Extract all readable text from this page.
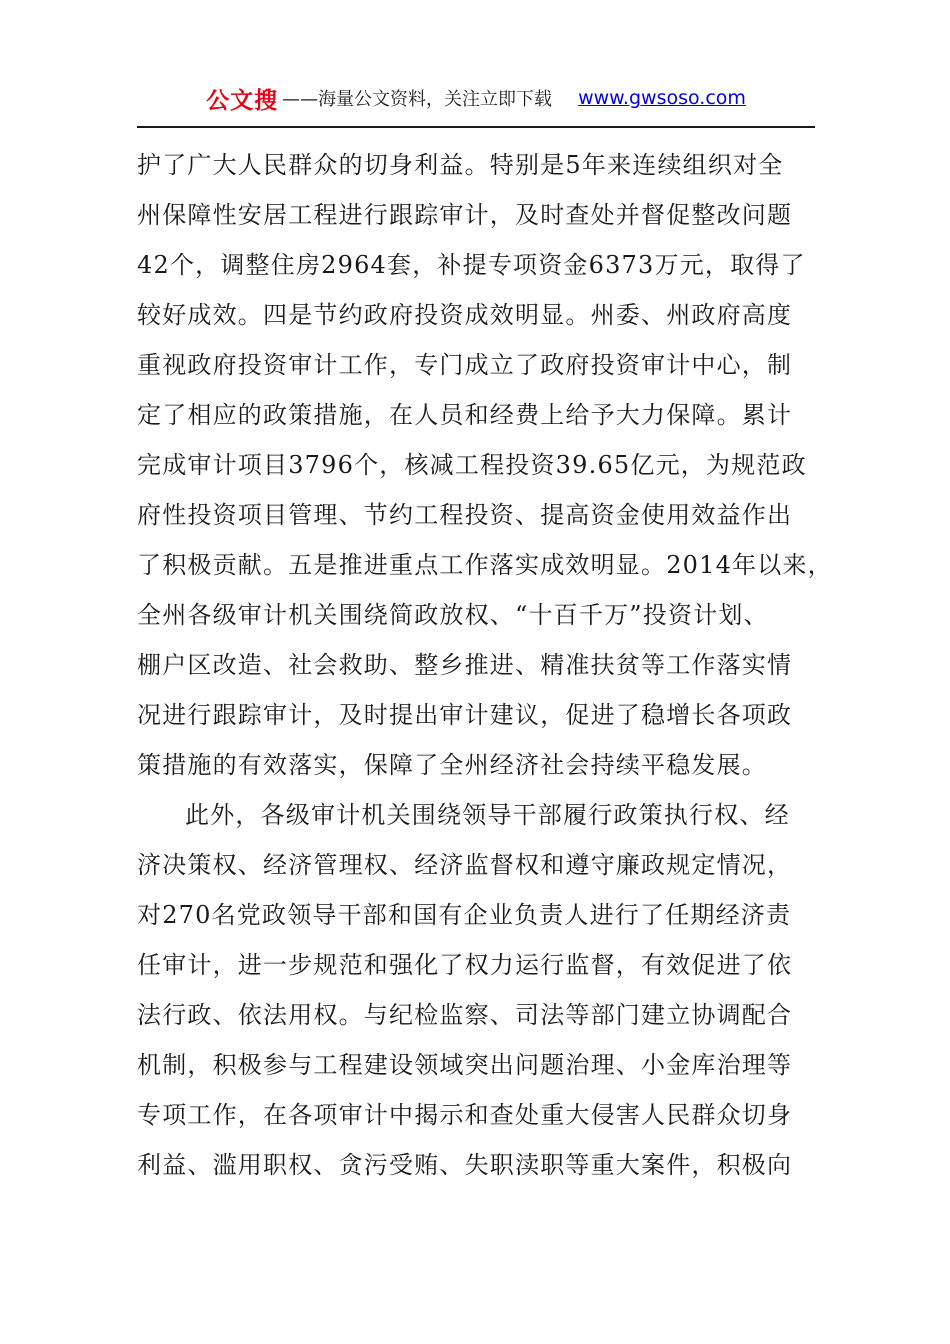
公文搜 ——海量公文资料，关注立即下载 www.gwsoso.com
护了广大人民群众的切身利益。特别是5年来连续组织对全
州保障性安居工程进行跟踪审计，及时查处并督促整改问题
42个，调整住房2964套，补提专项资金6373万元，取得了
较好成效。四是节约政府投资成效明显。州委、州政府高度
重视政府投资审计工作，专门成立了政府投资审计中心，制
定了相应的政策措施，在人员和经费上给予大力保障。累计
完成审计项目3796个，核减工程投资39.65亿元，为规范政
府性投资项目管理、节约工程投资、提高资金使用效益作出
了积极贡献。五是推进重点工作落实成效明显。2014年以来，
全州各级审计机关围绕简政放权、“十百千万”投资计划、
棚户区改造、社会救助、整乡推进、精准扶贫等工作落实情
况进行跟踪审计，及时提出审计建议，促进了稳增长各项政
策措施的有效落实，保障了全州经济社会持续平稳发展。
此外，各级审计机关围绕领导干部履行政策执行权、经
济决策权、经济管理权、经济监督权和遵守廉政规定情况，
对270名党政领导干部和国有企业负责人进行了任期经济责
任审计，进一步规范和强化了权力运行监督，有效促进了依
法行政、依法用权。与纪检监察、司法等部门建立协调配合
机制，积极参与工程建设领域突出问题治理、小金库治理等
专项工作，在各项审计中揭示和查处重大侵害人民群众切身
利益、滥用职权、贪污受贿、失职渎职等重大案件，积极向
